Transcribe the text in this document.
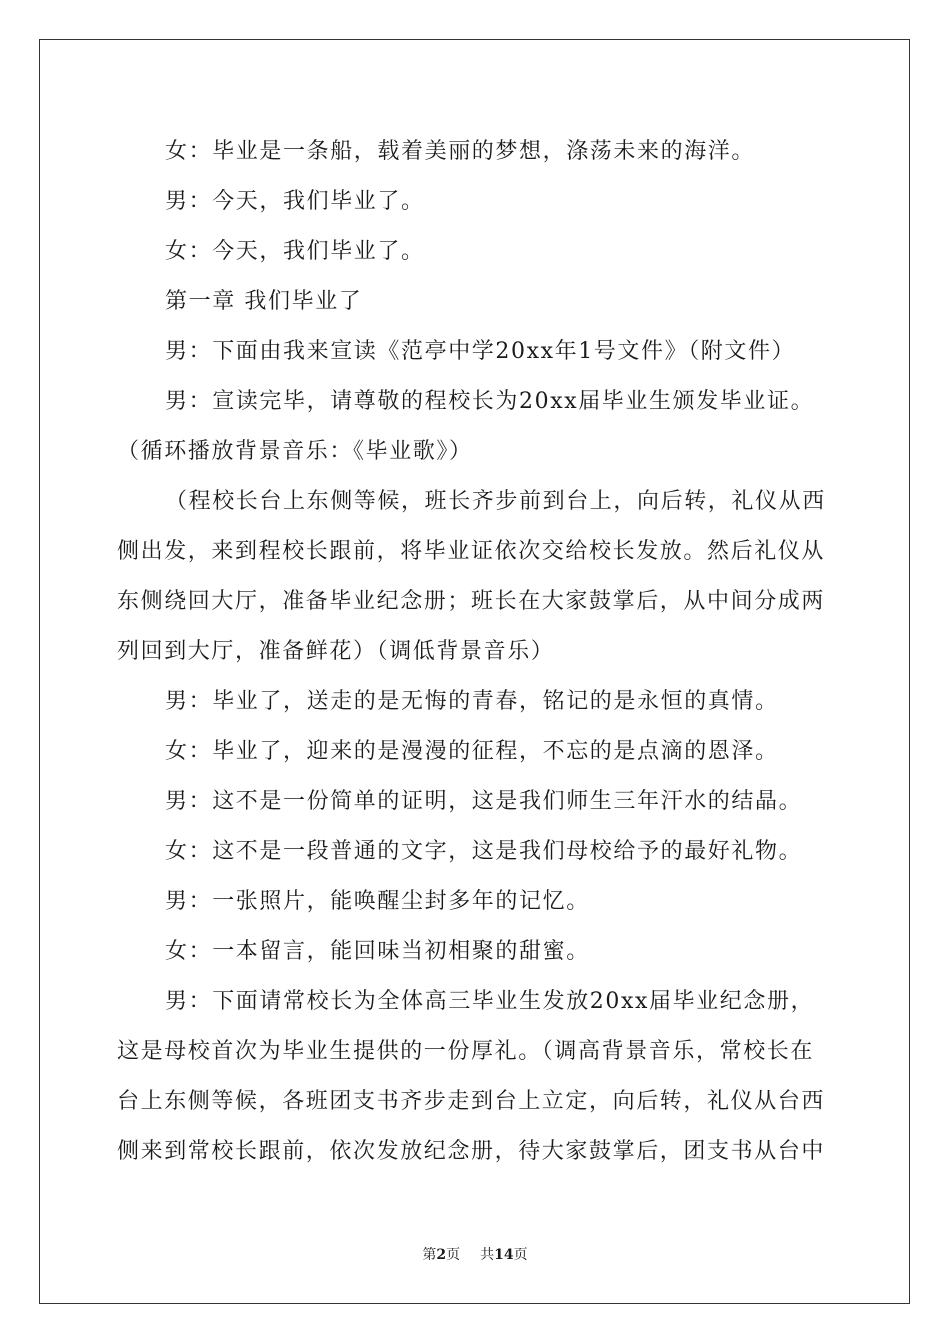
女：毕业是一条船，载着美丽的梦想，涤荡未来的海洋。
男：今天，我们毕业了。
女：今天，我们毕业了。
第一章 我们毕业了
男：下面由我来宣读《范亭中学20xx年1号文件》（附文件）
男：宣读完毕，请尊敬的程校长为20xx届毕业生颁发毕业证。
（循环播放背景音乐：《毕业歌》）
（程校长台上东侧等候，班长齐步前到台上，向后转，礼仪从西
侧出发，来到程校长跟前，将毕业证依次交给校长发放。然后礼仪从
东侧绕回大厅，准备毕业纪念册；班长在大家鼓掌后，从中间分成两
列回到大厅，准备鲜花）（调低背景音乐）
男：毕业了，送走的是无悔的青春，铭记的是永恒的真情。
女：毕业了，迎来的是漫漫的征程，不忘的是点滴的恩泽。
男：这不是一份简单的证明，这是我们师生三年汗水的结晶。
女：这不是一段普通的文字，这是我们母校给予的最好礼物。
男：一张照片，能唤醒尘封多年的记忆。
女：一本留言，能回味当初相聚的甜蜜。
男：下面请常校长为全体高三毕业生发放20xx届毕业纪念册，
这是母校首次为毕业生提供的一份厚礼。（调高背景音乐，常校长在
台上东侧等候，各班团支书齐步走到台上立定，向后转，礼仪从台西
侧来到常校长跟前，依次发放纪念册，待大家鼓掌后，团支书从台中
第2页 共14页
